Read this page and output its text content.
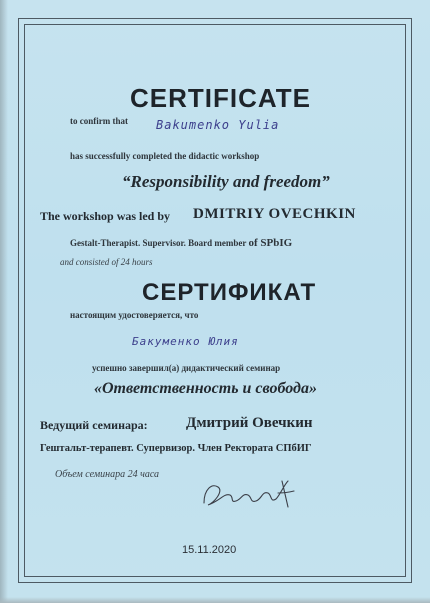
CERTIFICATE
to confirm that Bakumenko Yulia
has successfully completed the didactic workshop
“Responsibility and freedom”
The workshop was led by DMITRIY OVECHKIN
Gestalt-Therapist. Supervisor. Board member of SPbIG
and consisted of 24 hours
СЕРТИФИКАТ
настоящим удостоверяется, что
Бакуменко Юлия
успешно завершил(а) дидактический семинар
«Ответственность и свобода»
Ведущий семинара:	Дмитрий Овечкин
Гештальт-терапевт. Супервизор. Член Ректората СПбИГ
Объем семинара 24 часа
15.11.2020
